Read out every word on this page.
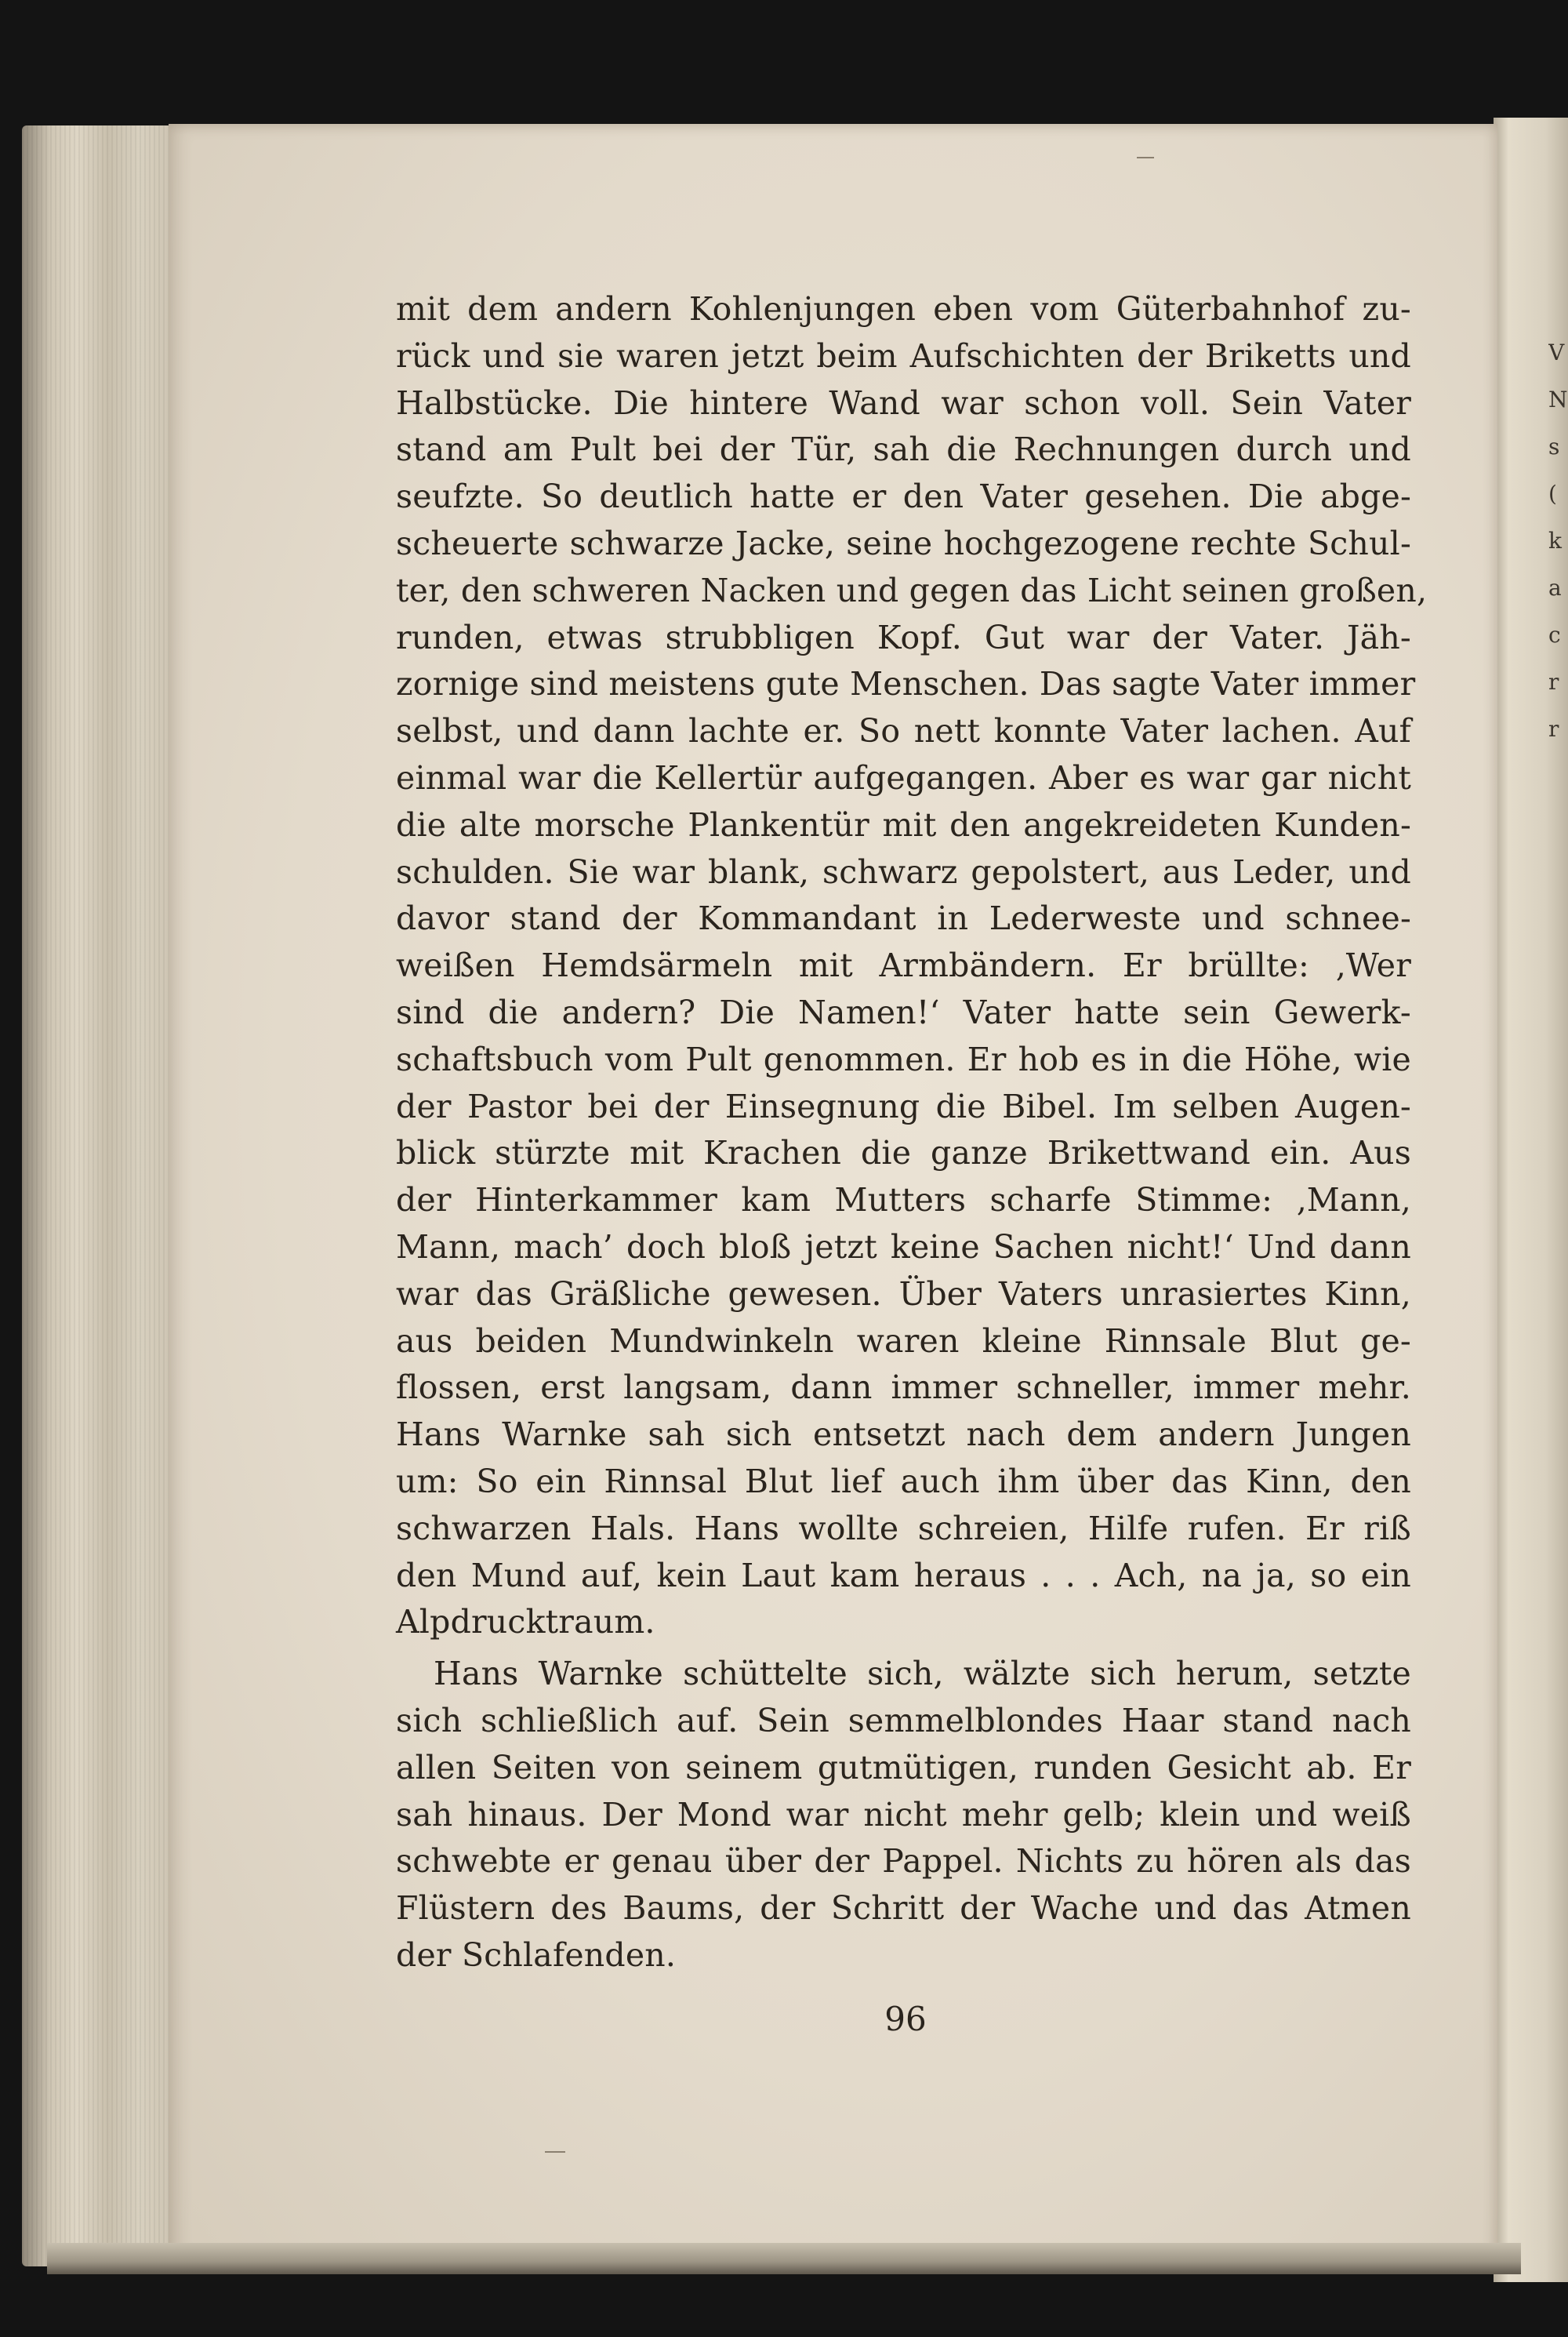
V
N
s
(
k
a
c
r
r
mit dem andern Kohlenjungen eben vom Güterbahnhof zu-
rück und sie waren jetzt beim Aufschichten der Briketts und
Halbstücke. Die hintere Wand war schon voll. Sein Vater
stand am Pult bei der Tür, sah die Rechnungen durch und
seufzte. So deutlich hatte er den Vater gesehen. Die abge-
scheuerte schwarze Jacke, seine hochgezogene rechte Schul-
ter, den schweren Nacken und gegen das Licht seinen großen,
runden, etwas strubbligen Kopf. Gut war der Vater. Jäh-
zornige sind meistens gute Menschen. Das sagte Vater immer
selbst, und dann lachte er. So nett konnte Vater lachen. Auf
einmal war die Kellertür aufgegangen. Aber es war gar nicht
die alte morsche Plankentür mit den angekreideten Kunden-
schulden. Sie war blank, schwarz gepolstert, aus Leder, und
davor stand der Kommandant in Lederweste und schnee-
weißen Hemdsärmeln mit Armbändern. Er brüllte: ‚Wer
sind die andern? Die Namen!‘ Vater hatte sein Gewerk-
schaftsbuch vom Pult genommen. Er hob es in die Höhe, wie
der Pastor bei der Einsegnung die Bibel. Im selben Augen-
blick stürzte mit Krachen die ganze Brikettwand ein. Aus
der Hinterkammer kam Mutters scharfe Stimme: ‚Mann,
Mann, mach’ doch bloß jetzt keine Sachen nicht!‘ Und dann
war das Gräßliche gewesen. Über Vaters unrasiertes Kinn,
aus beiden Mundwinkeln waren kleine Rinnsale Blut ge-
flossen, erst langsam, dann immer schneller, immer mehr.
Hans Warnke sah sich entsetzt nach dem andern Jungen
um: So ein Rinnsal Blut lief auch ihm über das Kinn, den
schwarzen Hals. Hans wollte schreien, Hilfe rufen. Er riß
den Mund auf, kein Laut kam heraus . . . Ach, na ja, so ein
Alpdrucktraum.
Hans Warnke schüttelte sich, wälzte sich herum, setzte
sich schließlich auf. Sein semmelblondes Haar stand nach
allen Seiten von seinem gutmütigen, runden Gesicht ab. Er
sah hinaus. Der Mond war nicht mehr gelb; klein und weiß
schwebte er genau über der Pappel. Nichts zu hören als das
Flüstern des Baums, der Schritt der Wache und das Atmen
der Schlafenden.
96
